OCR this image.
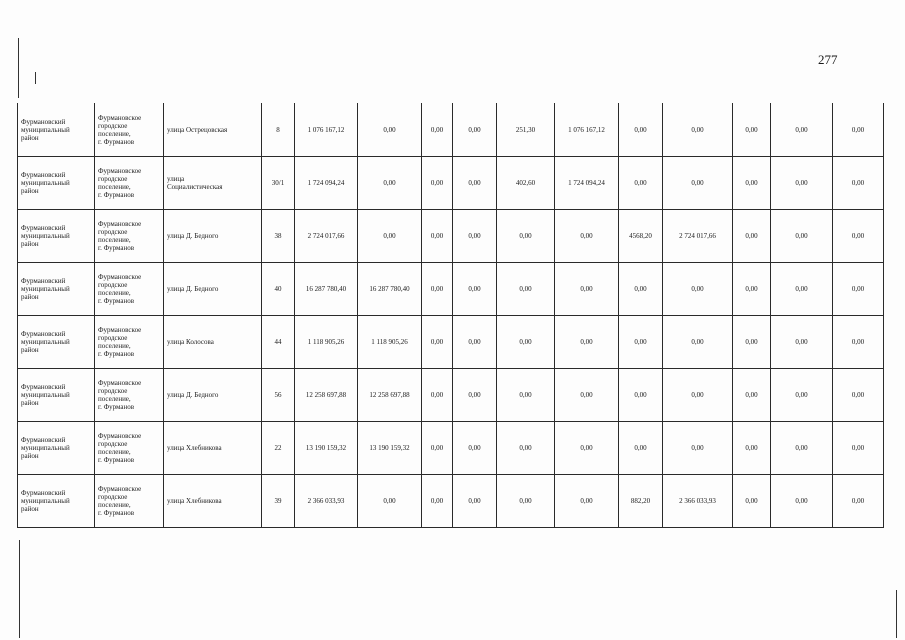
277
Фурмановский
муниципальный
район	Фурмановское
городское
поселение,
г. Фурманов	улица Острецовская	8	1 076 167,12	0,00	0,00	0,00	251,30	1 076 167,12	0,00	0,00	0,00	0,00	0,00
Фурмановский
муниципальный
район	Фурмановское
городское
поселение,
г. Фурманов	улица
Социалистическая	30/1	1 724 094,24	0,00	0,00	0,00	402,60	1 724 094,24	0,00	0,00	0,00	0,00	0,00
Фурмановский
муниципальный
район	Фурмановское
городское
поселение,
г. Фурманов	улица Д. Бедного	38	2 724 017,66	0,00	0,00	0,00	0,00	0,00	4568,20	2 724 017,66	0,00	0,00	0,00
Фурмановский
муниципальный
район	Фурмановское
городское
поселение,
г. Фурманов	улица Д. Бедного	40	16 287 780,40	16 287 780,40	0,00	0,00	0,00	0,00	0,00	0,00	0,00	0,00	0,00
Фурмановский
муниципальный
район	Фурмановское
городское
поселение,
г. Фурманов	улица Колосова	44	1 118 905,26	1 118 905,26	0,00	0,00	0,00	0,00	0,00	0,00	0,00	0,00	0,00
Фурмановский
муниципальный
район	Фурмановское
городское
поселение,
г. Фурманов	улица Д. Бедного	56	12 258 697,88	12 258 697,88	0,00	0,00	0,00	0,00	0,00	0,00	0,00	0,00	0,00
Фурмановский
муниципальный
район	Фурмановское
городское
поселение,
г. Фурманов	улица Хлебникова	22	13 190 159,32	13 190 159,32	0,00	0,00	0,00	0,00	0,00	0,00	0,00	0,00	0,00
Фурмановский
муниципальный
район	Фурмановское
городское
поселение,
г. Фурманов	улица Хлебникова	39	2 366 033,93	0,00	0,00	0,00	0,00	0,00	882,20	2 366 033,93	0,00	0,00	0,00
